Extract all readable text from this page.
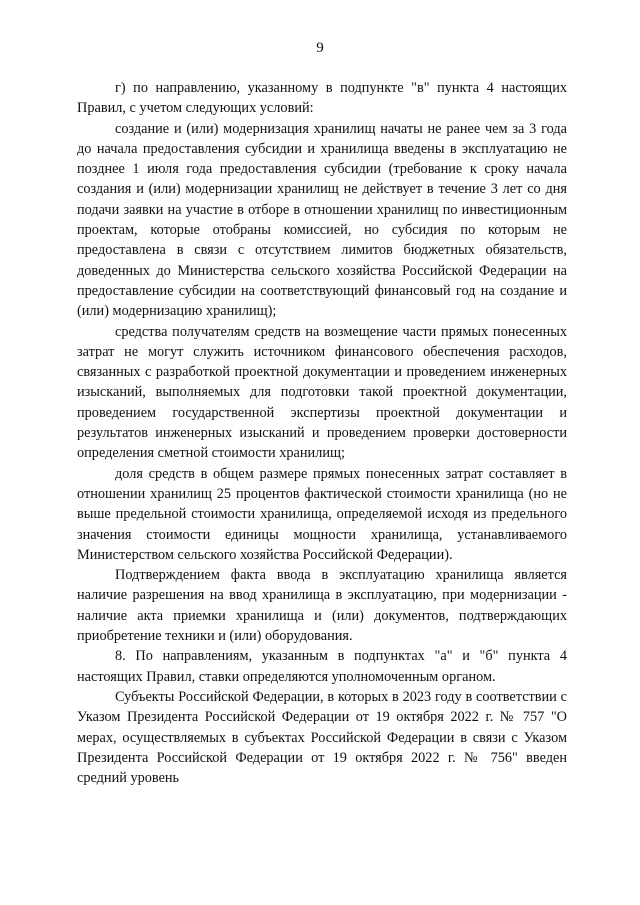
9

г) по направлению, указанному в подпункте "в" пункта 4 настоящих Правил, с учетом следующих условий:

создание и (или) модернизация хранилищ начаты не ранее чем за 3 года до начала предоставления субсидии и хранилища введены в эксплуатацию не позднее 1 июля года предоставления субсидии (требование к сроку начала создания и (или) модернизации хранилищ не действует в течение 3 лет со дня подачи заявки на участие в отборе в отношении хранилищ по инвестиционным проектам, которые отобраны комиссией, но субсидия по которым не предоставлена в связи с отсутствием лимитов бюджетных обязательств, доведенных до Министерства сельского хозяйства Российской Федерации на предоставление субсидии на соответствующий финансовый год на создание и (или) модернизацию хранилищ);

средства получателям средств на возмещение части прямых понесенных затрат не могут служить источником финансового обеспечения расходов, связанных с разработкой проектной документации и проведением инженерных изысканий, выполняемых для подготовки такой проектной документации, проведением государственной экспертизы проектной документации и результатов инженерных изысканий и проведением проверки достоверности определения сметной стоимости хранилищ;

доля средств в общем размере прямых понесенных затрат составляет в отношении хранилищ 25 процентов фактической стоимости хранилища (но не выше предельной стоимости хранилища, определяемой исходя из предельного значения стоимости единицы мощности хранилища, устанавливаемого Министерством сельского хозяйства Российской Федерации).

Подтверждением факта ввода в эксплуатацию хранилища является наличие разрешения на ввод хранилища в эксплуатацию, при модернизации - наличие акта приемки хранилища и (или) документов, подтверждающих приобретение техники и (или) оборудования.

8. По направлениям, указанным в подпунктах "а" и "б" пункта 4 настоящих Правил, ставки определяются уполномоченным органом.

Субъекты Российской Федерации, в которых в 2023 году в соответствии с Указом Президента Российской Федерации от 19 октября 2022 г. № 757 "О мерах, осуществляемых в субъектах Российской Федерации в связи с Указом Президента Российской Федерации от 19 октября 2022 г. № 756" введен средний уровень
